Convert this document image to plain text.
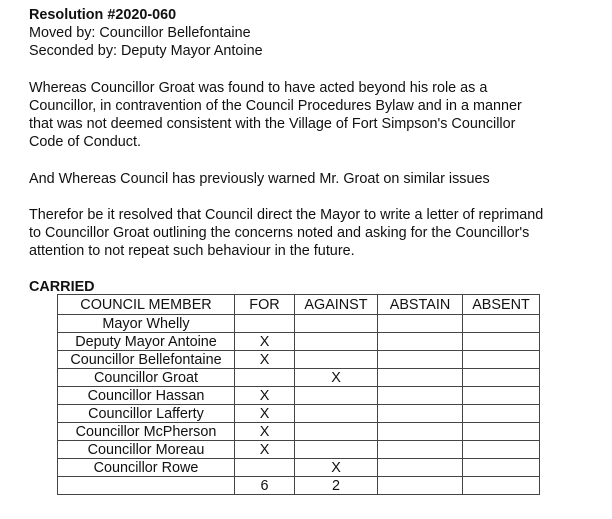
Resolution #2020-060
Moved by: Councillor Bellefontaine
Seconded by: Deputy Mayor Antoine
Whereas Councillor Groat was found to have acted beyond his role as a
Councillor, in contravention of the Council Procedures Bylaw and in a manner
that was not deemed consistent with the Village of Fort Simpson's Councillor
Code of Conduct.
And Whereas Council has previously warned Mr. Groat on similar issues
Therefor be it resolved that Council direct the Mayor to write a letter of reprimand
to Councillor Groat outlining the concerns noted and asking for the Councillor's
attention to not repeat such behaviour in the future.
CARRIED
COUNCIL MEMBER	FOR	AGAINST	ABSTAIN	ABSENT
Mayor Whelly				
Deputy Mayor Antoine	X			
Councillor Bellefontaine	X			
Councillor Groat		X		
Councillor Hassan	X			
Councillor Lafferty	X			
Councillor McPherson	X			
Councillor Moreau	X			
Councillor Rowe		X		
	6	2		
